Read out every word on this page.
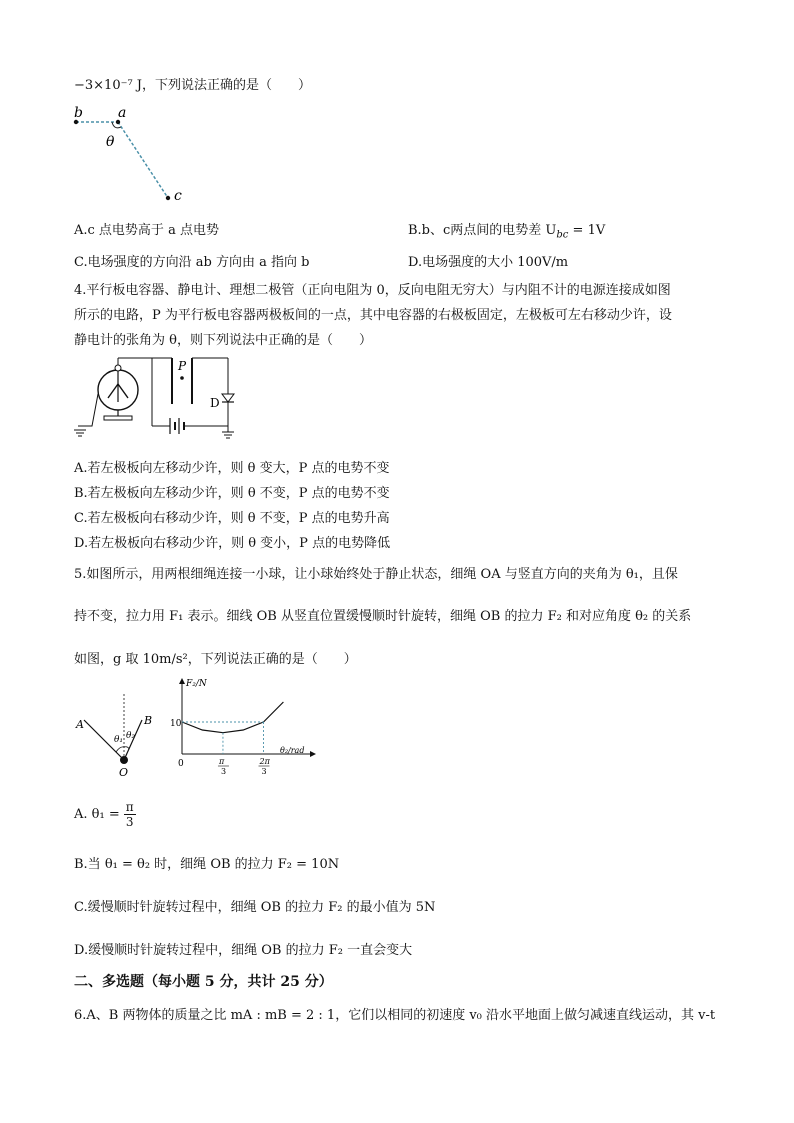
−3×10⁻⁷ J，下列说法正确的是（　　）
b	a
θ
c
A.c 点电势高于 a 点电势	B.b、c两点间的电势差 $U_{bc} = 1V$
C.电场强度的方向沿 ab 方向由 a 指向 b	D.电场强度的大小 100V/m
4.平行板电容器、静电计、理想二极管（正向电阻为 0，反向电阻无穷大）与内阻不计的电源连接成如图
所示的电路，P 为平行板电容器两极板间的一点，其中电容器的右极板固定，左极板可左右移动少许，设
静电计的张角为 θ，则下列说法中正确的是（　　）
P
D
A.若左极板向左移动少许，则 θ 变大，P 点的电势不变
B.若左极板向左移动少许，则 θ 不变，P 点的电势不变
C.若左极板向右移动少许，则 θ 不变，P 点的电势升高
D.若左极板向右移动少许，则 θ 变小，P 点的电势降低
5.如图所示，用两根细绳连接一小球，让小球始终处于静止状态，细绳 OA 与竖直方向的夹角为 θ₁，且保
持不变，拉力用 F₁ 表示。细线 OB 从竖直位置缓慢顺时针旋转，细绳 OB 的拉力 F₂ 和对应角度 θ₂ 的关系
如图，g 取 10m/s²，下列说法正确的是（　　）
A	B
O
θ₁ θ₂
F₂/N
θ₂/rad
0
10
π
3
2π
3
A. $\theta_1 = \frac{\pi}{3}$
B.当 θ₁ = θ₂ 时，细绳 OB 的拉力 F₂ = 10N
C.缓慢顺时针旋转过程中，细绳 OB 的拉力 F₂ 的最小值为 5N
D.缓慢顺时针旋转过程中，细绳 OB 的拉力 F₂ 一直会变大
二、多选题（每小题 5 分，共计 25 分）
6.A、B 两物体的质量之比 mA : mB = 2 : 1，它们以相同的初速度 v₀ 沿水平地面上做匀减速直线运动，其 v-t
